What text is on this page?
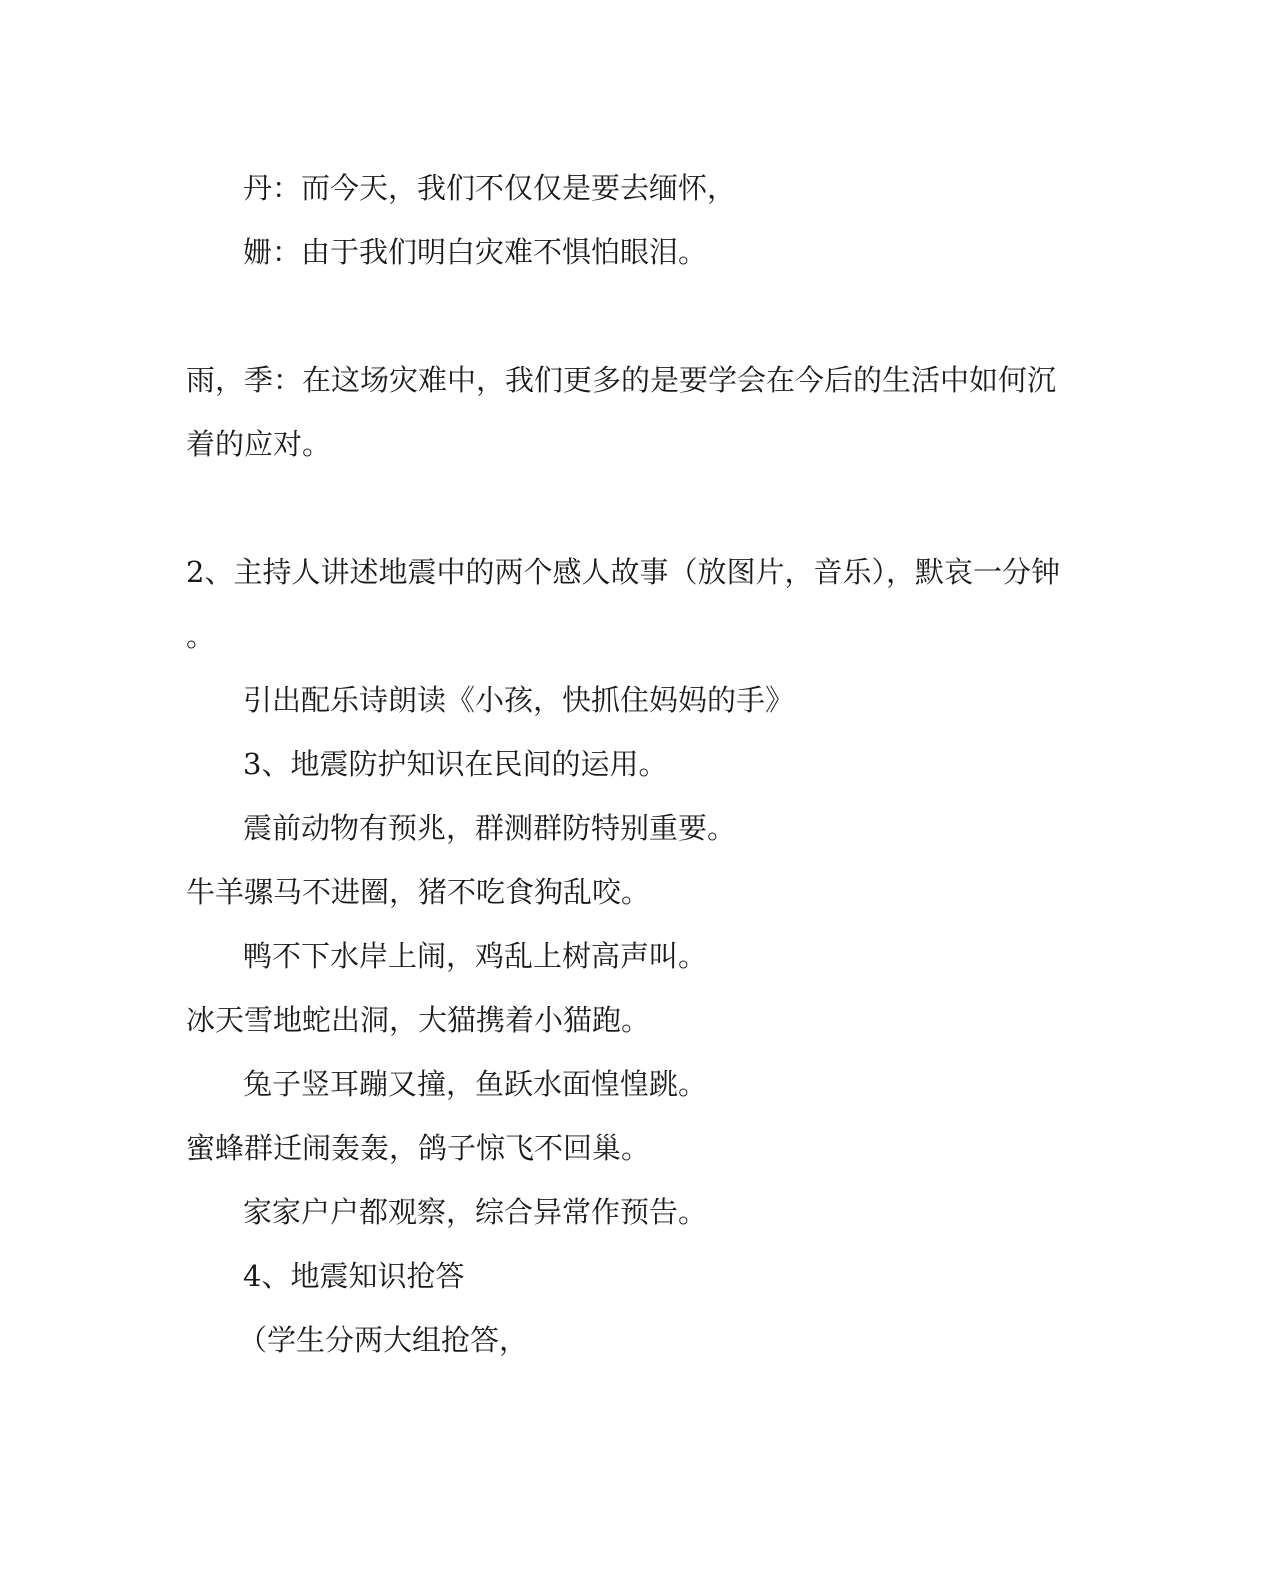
丹：而今天，我们不仅仅是要去缅怀，
姗：由于我们明白灾难不惧怕眼泪。
雨，季：在这场灾难中，我们更多的是要学会在今后的生活中如何沉
着的应对。
2、主持人讲述地震中的两个感人故事（放图片，音乐），默哀一分钟
。
引出配乐诗朗读《小孩，快抓住妈妈的手》
3、地震防护知识在民间的运用。
震前动物有预兆，群测群防特别重要。
牛羊骡马不进圈，猪不吃食狗乱咬。
鸭不下水岸上闹，鸡乱上树高声叫。
冰天雪地蛇出洞，大猫携着小猫跑。
兔子竖耳蹦又撞，鱼跃水面惶惶跳。
蜜蜂群迁闹轰轰，鸽子惊飞不回巢。
家家户户都观察，综合异常作预告。
4、地震知识抢答
（学生分两大组抢答，
